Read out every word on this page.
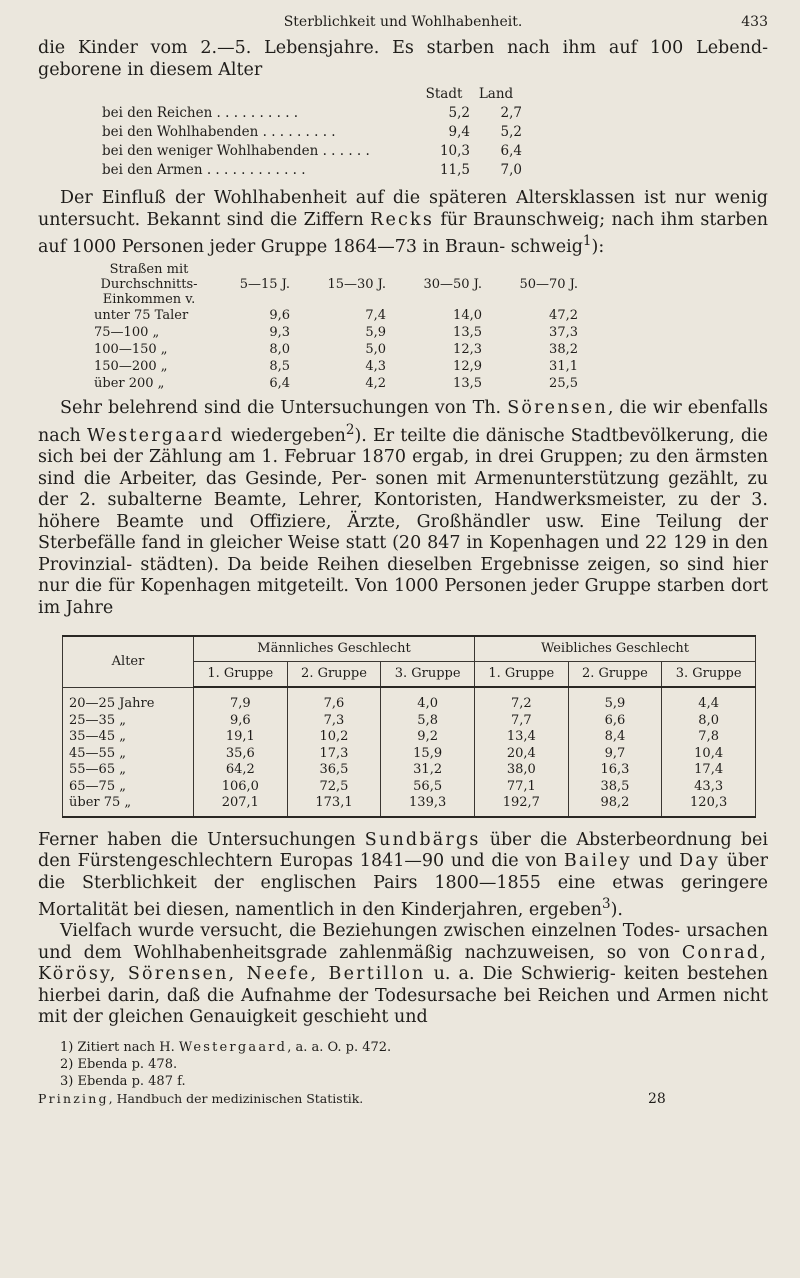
Sterblichkeit und Wohlhabenheit.	433

die Kinder vom 2.—5. Lebensjahre. Es starben nach ihm auf 100 Lebend- geborene in diesem Alter

	Stadt	Land
bei den Reichen . . . . . . . . . .	5,2	2,7
bei den Wohlhabenden . . . . . . . . .	9,4	5,2
bei den weniger Wohlhabenden . . . . . .	10,3	6,4
bei den Armen . . . . . . . . . . . .	11,5	7,0

Der Einfluß der Wohlhabenheit auf die späteren Altersklassen ist nur wenig untersucht. Bekannt sind die Ziffern Recks für Braunschweig; nach ihm starben auf 1000 Personen jeder Gruppe 1864—73 in Braun- schweig$^1$):

Straßen mit
Durchschnitts-
Einkommen v.	5—15 J.	15—30 J.	30—50 J.	50—70 J.
unter 75 Taler	9,6	7,4	14,0	47,2
75—100 „	9,3	5,9	13,5	37,3
100—150 „	8,0	5,0	12,3	38,2
150—200 „	8,5	4,3	12,9	31,1
über 200 „	6,4	4,2	13,5	25,5

Sehr belehrend sind die Untersuchungen von Th. Sörensen, die wir ebenfalls nach Westergaard wiedergeben$^2$). Er teilte die dänische Stadtbevölkerung, die sich bei der Zählung am 1. Februar 1870 ergab, in drei Gruppen; zu den ärmsten sind die Arbeiter, das Gesinde, Per- sonen mit Armenunterstützung gezählt, zu der 2. subalterne Beamte, Lehrer, Kontoristen, Handwerksmeister, zu der 3. höhere Beamte und Offiziere, Ärzte, Großhändler usw. Eine Teilung der Sterbefälle fand in gleicher Weise statt (20 847 in Kopenhagen und 22 129 in den Provinzial- städten). Da beide Reihen dieselben Ergebnisse zeigen, so sind hier nur die für Kopenhagen mitgeteilt. Von 1000 Personen jeder Gruppe starben dort im Jahre

Alter	Männliches Geschlecht			Weibliches Geschlecht		
	1. Gruppe	2. Gruppe	3. Gruppe	1. Gruppe	2. Gruppe	3. Gruppe
20—25 Jahre	7,9	7,6	4,0	7,2	5,9	4,4
25—35 „	9,6	7,3	5,8	7,7	6,6	8,0
35—45 „	19,1	10,2	9,2	13,4	8,4	7,8
45—55 „	35,6	17,3	15,9	20,4	9,7	10,4
55—65 „	64,2	36,5	31,2	38,0	16,3	17,4
65—75 „	106,0	72,5	56,5	77,1	38,5	43,3
über 75 „	207,1	173,1	139,3	192,7	98,2	120,3

Ferner haben die Untersuchungen Sundbärgs über die Absterbeordnung bei den Fürstengeschlechtern Europas 1841—90 und die von Bailey und Day über die Sterblichkeit der englischen Pairs 1800—1855 eine etwas geringere Mortalität bei diesen, namentlich in den Kinderjahren, ergeben$^3$).

Vielfach wurde versucht, die Beziehungen zwischen einzelnen Todes- ursachen und dem Wohlhabenheitsgrade zahlenmäßig nachzuweisen, so von Conrad, Körösy, Sörensen, Neefe, Bertillon u. a. Die Schwierig- keiten bestehen hierbei darin, daß die Aufnahme der Todesursache bei Reichen und Armen nicht mit der gleichen Genauigkeit geschieht und

1) Zitiert nach H. Westergaard, a. a. O. p. 472.
2) Ebenda p. 478.
3) Ebenda p. 487 f.
Prinzing, Handbuch der medizinischen Statistik.	28
